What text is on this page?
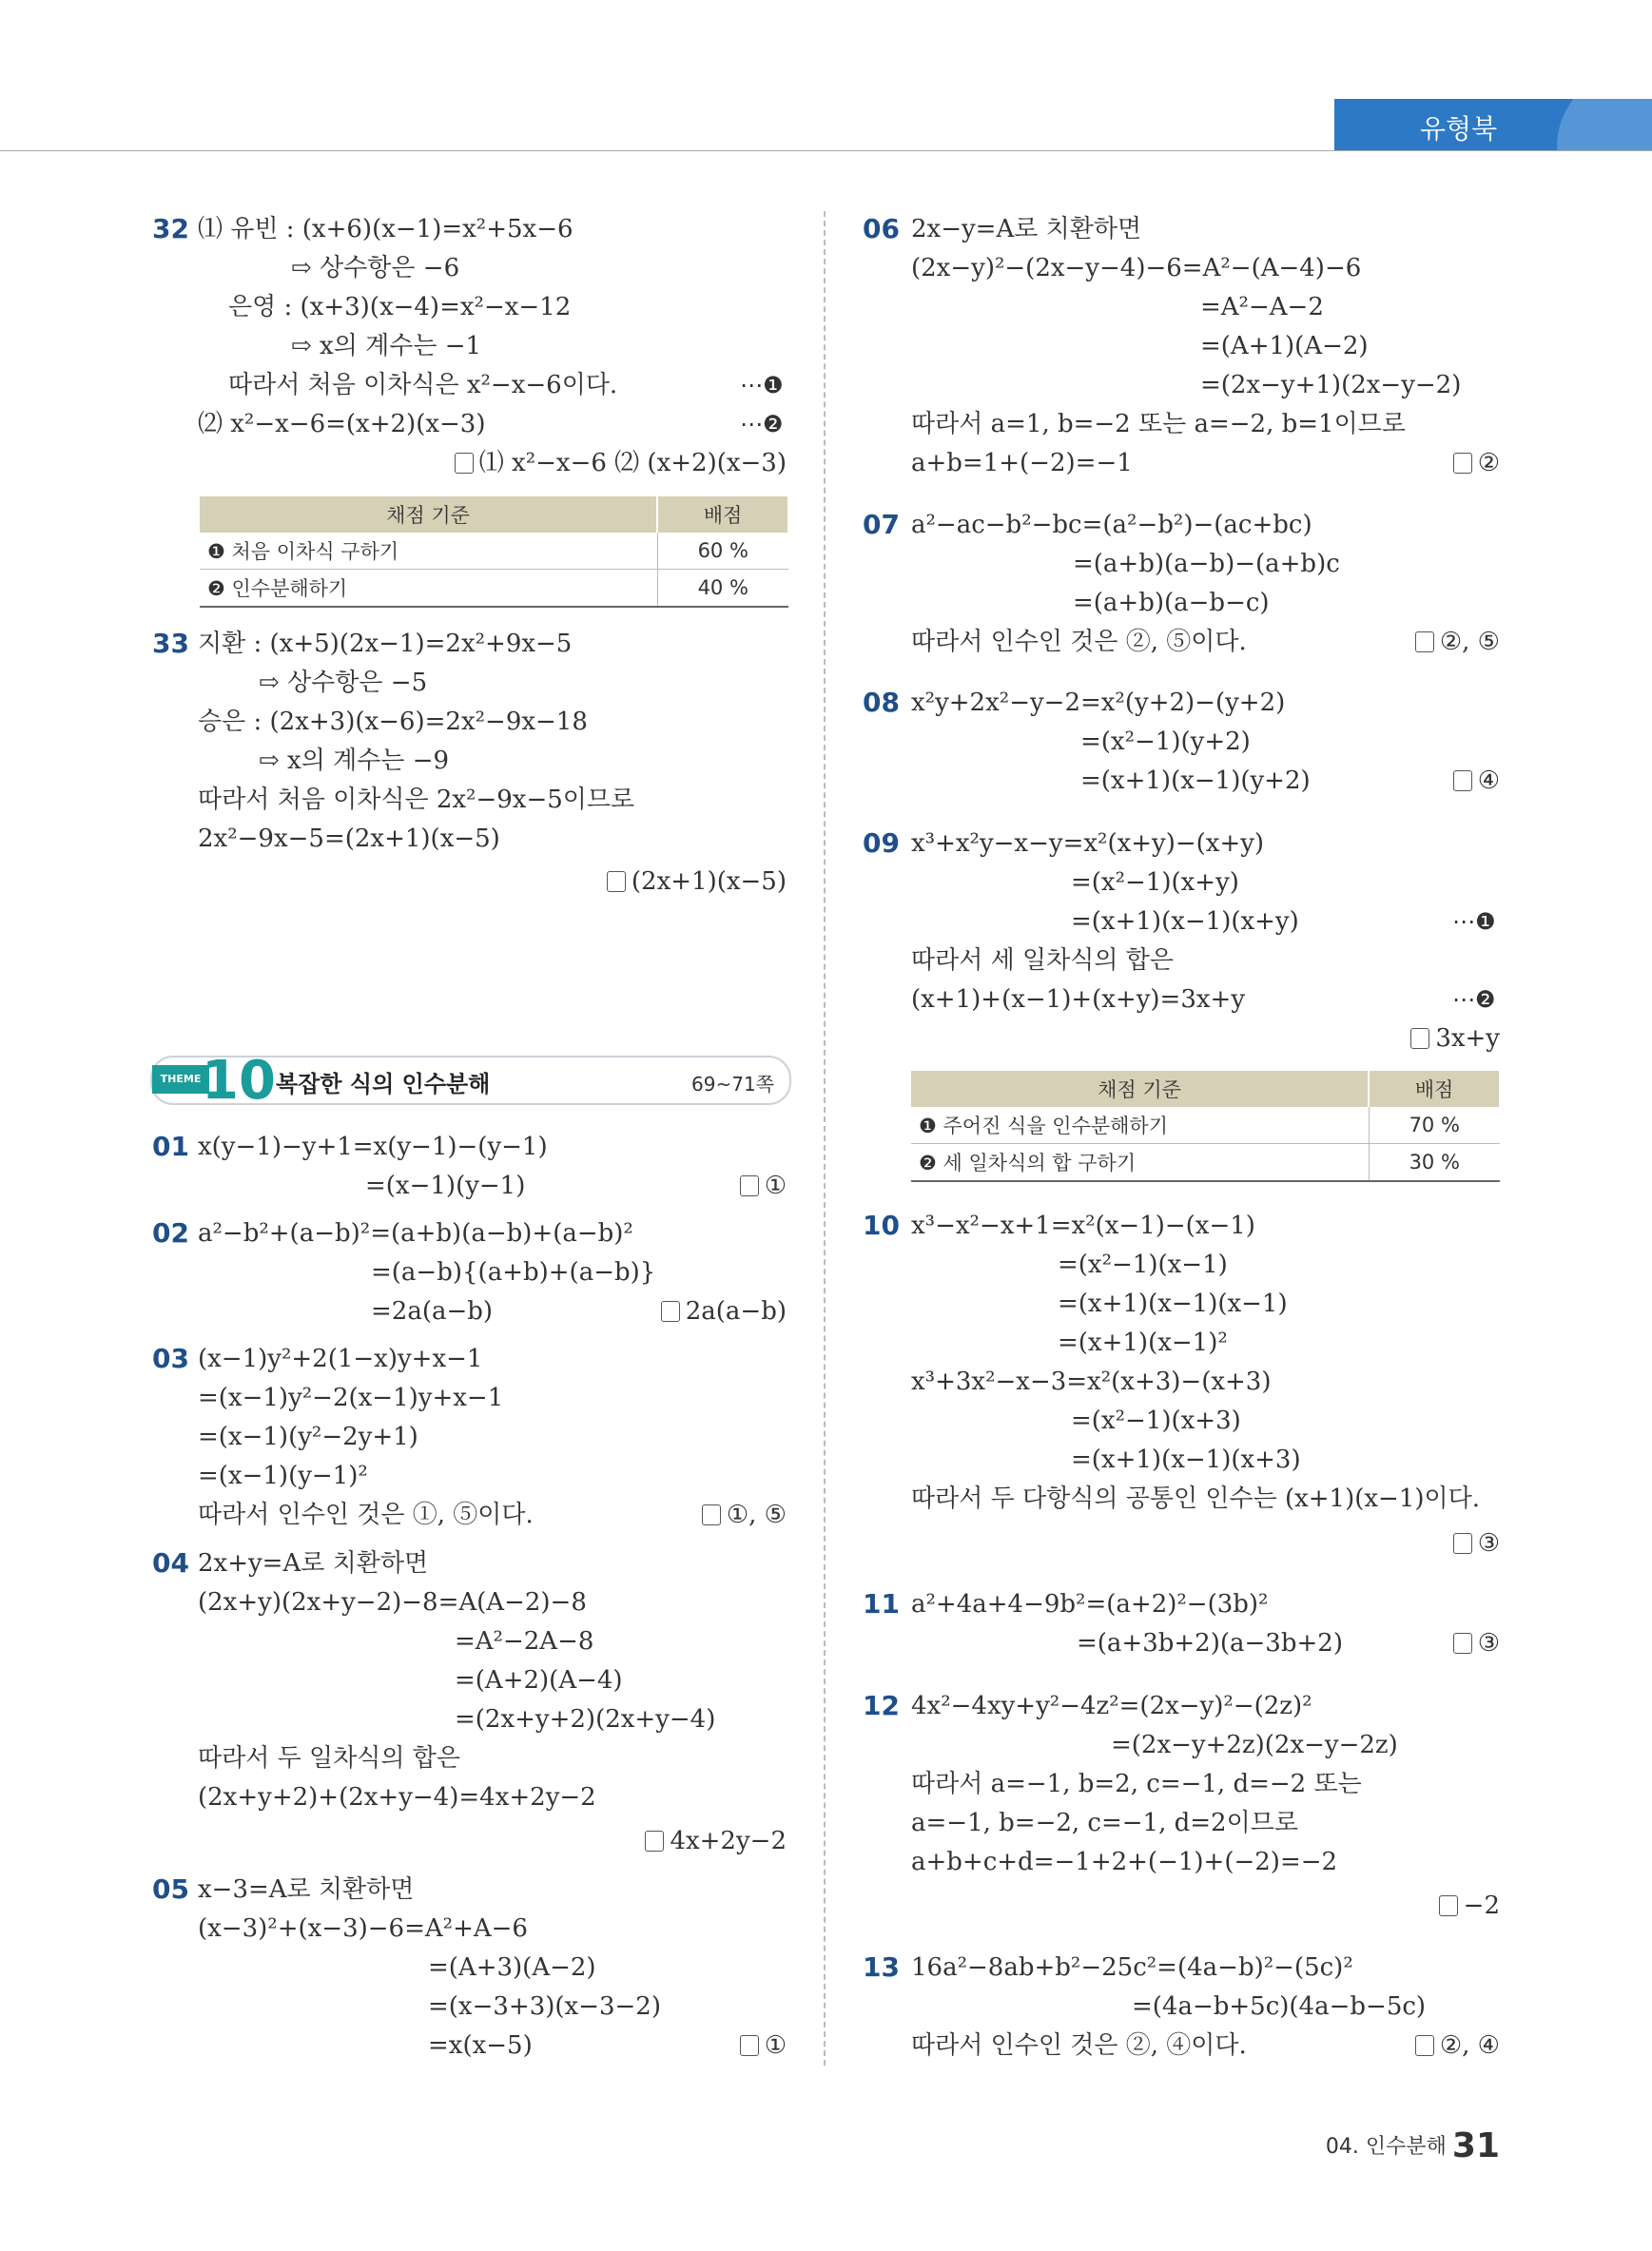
유형북
32 ⑴ 유빈 : (x+6)(x−1)=x²+5x−6
⇨ 상수항은 −6
은영 : (x+3)(x−4)=x²−x−12
⇨ x의 계수는 −1
따라서 처음 이차식은 x²−x−6이다.	⋯❶
⑵ x²−x−6=(x+2)(x−3)	⋯❷
⑴ x²−x−6 ⑵ (x+2)(x−3)
채점 기준	배점
❶ 처음 이차식 구하기	60 %
❷ 인수분해하기	40 %
33 지환 : (x+5)(2x−1)=2x²+9x−5
⇨ 상수항은 −5
승은 : (2x+3)(x−6)=2x²−9x−18
⇨ x의 계수는 −9
따라서 처음 이차식은 2x²−9x−5이므로
2x²−9x−5=(2x+1)(x−5)
(2x+1)(x−5)
THEME 10 복잡한 식의 인수분해	69~71쪽
01 x(y−1)−y+1=x(y−1)−(y−1)
=(x−1)(y−1)	①
02 a²−b²+(a−b)²=(a+b)(a−b)+(a−b)²
=(a−b){(a+b)+(a−b)}
=2a(a−b)	2a(a−b)
03 (x−1)y²+2(1−x)y+x−1
=(x−1)y²−2(x−1)y+x−1
=(x−1)(y²−2y+1)
=(x−1)(y−1)²
따라서 인수인 것은 ①, ⑤이다.	①, ⑤
04 2x+y=A로 치환하면
(2x+y)(2x+y−2)−8=A(A−2)−8
=A²−2A−8
=(A+2)(A−4)
=(2x+y+2)(2x+y−4)
따라서 두 일차식의 합은
(2x+y+2)+(2x+y−4)=4x+2y−2
4x+2y−2
05 x−3=A로 치환하면
(x−3)²+(x−3)−6=A²+A−6
=(A+3)(A−2)
=(x−3+3)(x−3−2)
=x(x−5)	①
06 2x−y=A로 치환하면
(2x−y)²−(2x−y−4)−6=A²−(A−4)−6
=A²−A−2
=(A+1)(A−2)
=(2x−y+1)(2x−y−2)
따라서 a=1, b=−2 또는 a=−2, b=1이므로
a+b=1+(−2)=−1	②
07 a²−ac−b²−bc=(a²−b²)−(ac+bc)
=(a+b)(a−b)−(a+b)c
=(a+b)(a−b−c)
따라서 인수인 것은 ②, ⑤이다.	②, ⑤
08 x²y+2x²−y−2=x²(y+2)−(y+2)
=(x²−1)(y+2)
=(x+1)(x−1)(y+2)	④
09 x³+x²y−x−y=x²(x+y)−(x+y)
=(x²−1)(x+y)
=(x+1)(x−1)(x+y)	⋯❶
따라서 세 일차식의 합은
(x+1)+(x−1)+(x+y)=3x+y	⋯❷
3x+y
채점 기준	배점
❶ 주어진 식을 인수분해하기	70 %
❷ 세 일차식의 합 구하기	30 %
10 x³−x²−x+1=x²(x−1)−(x−1)
=(x²−1)(x−1)
=(x+1)(x−1)(x−1)
=(x+1)(x−1)²
x³+3x²−x−3=x²(x+3)−(x+3)
=(x²−1)(x+3)
=(x+1)(x−1)(x+3)
따라서 두 다항식의 공통인 인수는 (x+1)(x−1)이다.
③
11 a²+4a+4−9b²=(a+2)²−(3b)²
=(a+3b+2)(a−3b+2)	③
12 4x²−4xy+y²−4z²=(2x−y)²−(2z)²
=(2x−y+2z)(2x−y−2z)
따라서 a=−1, b=2, c=−1, d=−2 또는
a=−1, b=−2, c=−1, d=2이므로
a+b+c+d=−1+2+(−1)+(−2)=−2
−2
13 16a²−8ab+b²−25c²=(4a−b)²−(5c)²
=(4a−b+5c)(4a−b−5c)
따라서 인수인 것은 ②, ④이다.	②, ④
04. 인수분해 31
